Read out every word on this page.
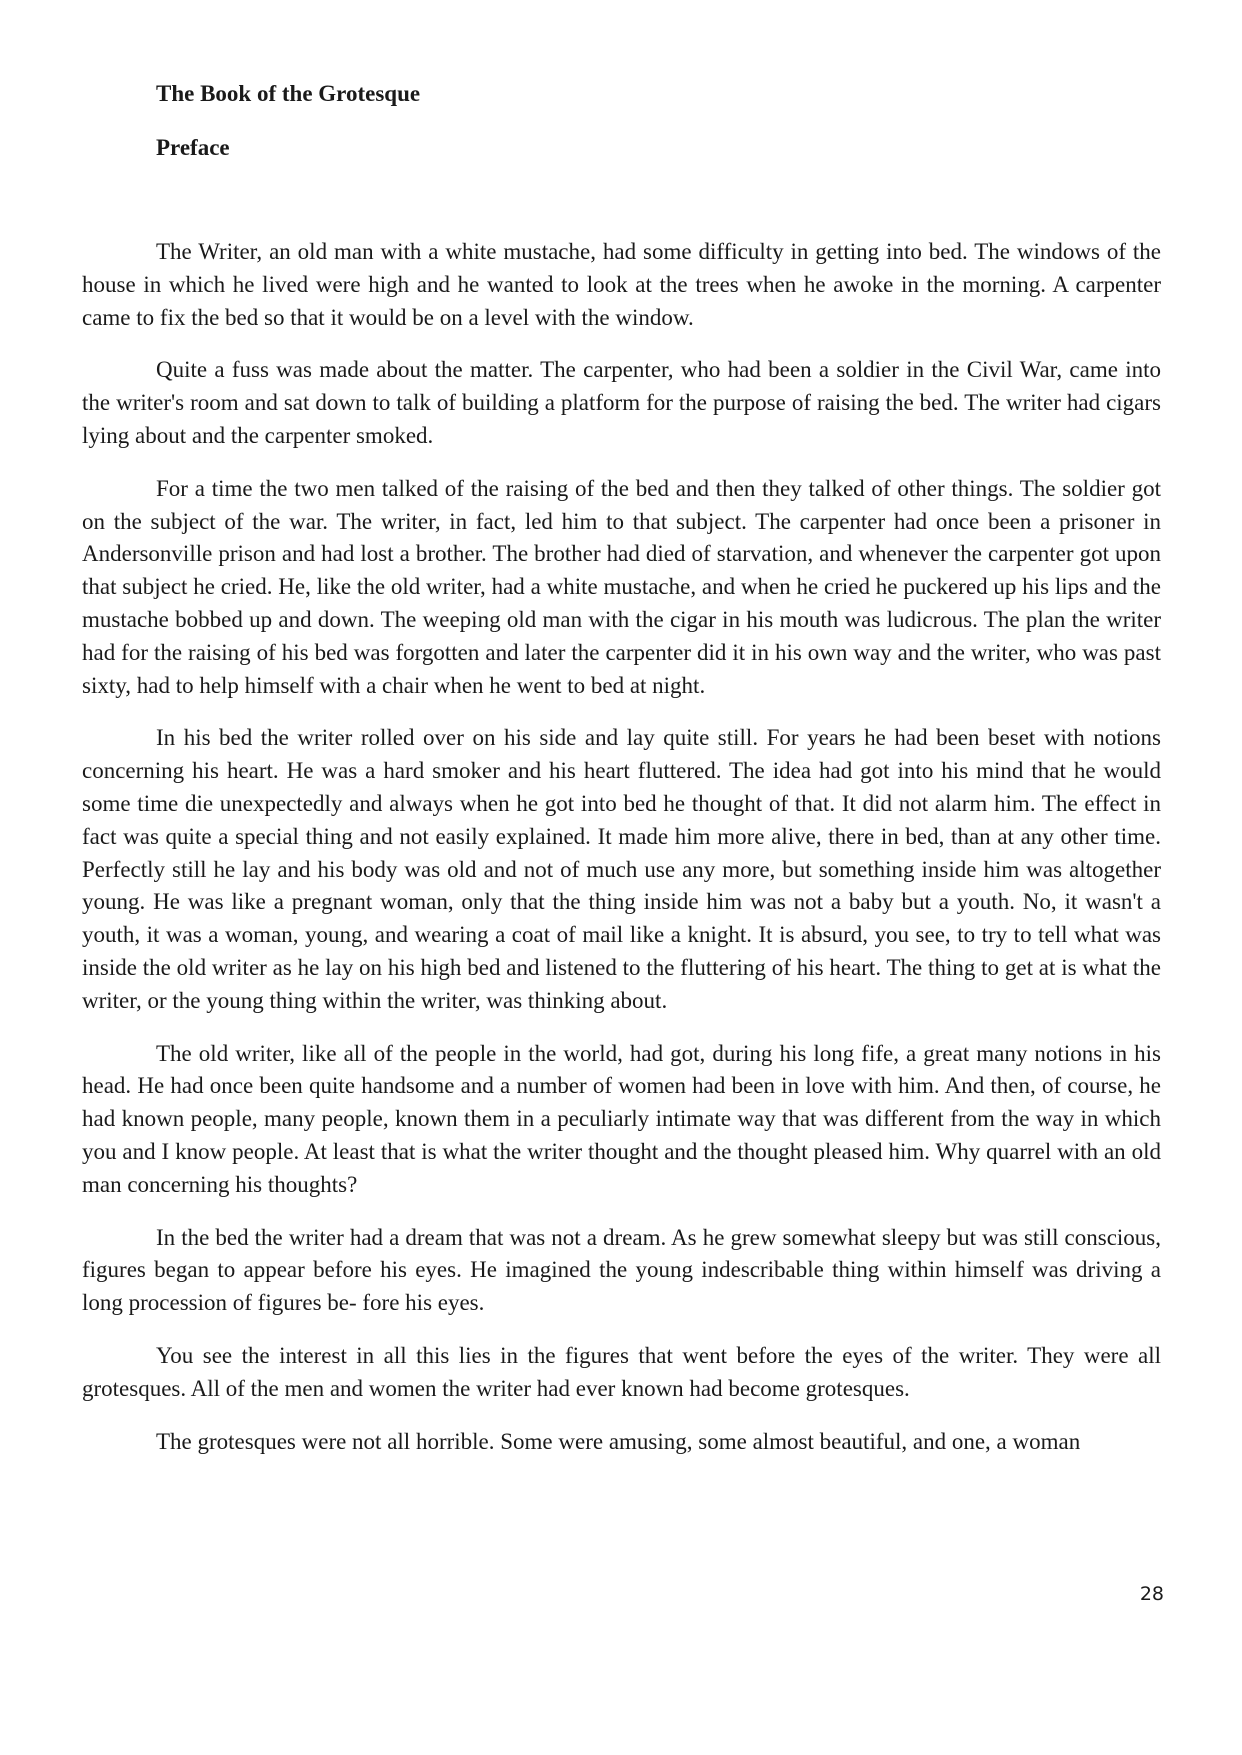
The Book of the Grotesque
Preface

The Writer, an old man with a white mustache, had some difficulty in getting into bed. The windows of the house in which he lived were high and he wanted to look at the trees when he awoke in the morning. A carpenter came to fix the bed so that it would be on a level with the window.

Quite a fuss was made about the matter. The carpenter, who had been a soldier in the Civil War, came into the writer's room and sat down to talk of building a platform for the purpose of raising the bed. The writer had cigars lying about and the carpenter smoked.

For a time the two men talked of the raising of the bed and then they talked of other things. The soldier got on the subject of the war. The writer, in fact, led him to that subject. The carpenter had once been a prisoner in Andersonville prison and had lost a brother. The brother had died of starvation, and whenever the carpenter got upon that subject he cried. He, like the old writer, had a white mustache, and when he cried he puckered up his lips and the mustache bobbed up and down. The weeping old man with the cigar in his mouth was ludicrous. The plan the writer had for the raising of his bed was forgotten and later the carpenter did it in his own way and the writer, who was past sixty, had to help himself with a chair when he went to bed at night.

In his bed the writer rolled over on his side and lay quite still. For years he had been beset with notions concerning his heart. He was a hard smoker and his heart fluttered. The idea had got into his mind that he would some time die unexpectedly and always when he got into bed he thought of that. It did not alarm him. The effect in fact was quite a special thing and not easily explained. It made him more alive, there in bed, than at any other time. Perfectly still he lay and his body was old and not of much use any more, but something inside him was altogether young. He was like a pregnant woman, only that the thing inside him was not a baby but a youth. No, it wasn't a youth, it was a woman, young, and wearing a coat of mail like a knight. It is absurd, you see, to try to tell what was inside the old writer as he lay on his high bed and listened to the fluttering of his heart. The thing to get at is what the writer, or the young thing within the writer, was thinking about.

The old writer, like all of the people in the world, had got, during his long fife, a great many notions in his head. He had once been quite handsome and a number of women had been in love with him. And then, of course, he had known people, many people, known them in a peculiarly intimate way that was different from the way in which you and I know people. At least that is what the writer thought and the thought pleased him. Why quarrel with an old man concerning his thoughts?

In the bed the writer had a dream that was not a dream. As he grew somewhat sleepy but was still conscious, figures began to appear before his eyes. He imagined the young indescribable thing within himself was driving a long procession of figures be- fore his eyes.

You see the interest in all this lies in the figures that went before the eyes of the writer. They were all grotesques. All of the men and women the writer had ever known had become grotesques.

The grotesques were not all horrible. Some were amusing, some almost beautiful, and one, a woman

28
